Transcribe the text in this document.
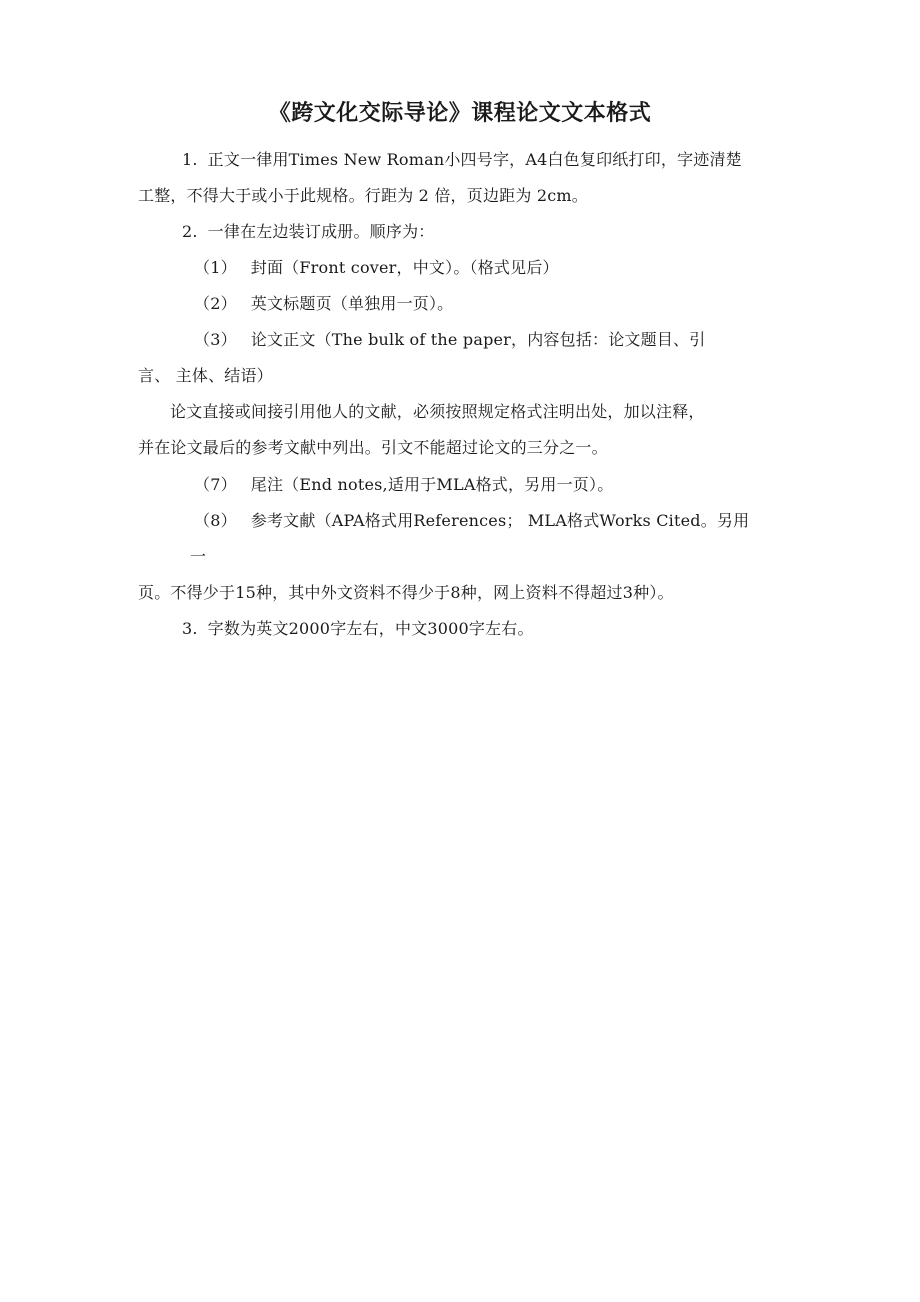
《跨文化交际导论》课程论文文本格式
1. 正文一律用Times New Roman小四号字，A4白色复印纸打印，字迹清楚
工整，不得大于或小于此规格。行距为 2 倍，页边距为 2cm。
2. 一律在左边装订成册。顺序为：
（1） 封面（Front cover，中文）。（格式见后）
（2） 英文标题页（单独用一页）。
（3） 论文正文（The bulk of the paper，内容包括：论文题目、引
言、 主体、结语）
论文直接或间接引用他人的文献，必须按照规定格式注明出处，加以注释，
并在论文最后的参考文献中列出。引文不能超过论文的三分之一。
（7） 尾注（End notes,适用于MLA格式，另用一页）。
（8） 参考文献（APA格式用References； MLA格式Works Cited。另用
一
页。不得少于15种，其中外文资料不得少于8种，网上资料不得超过3种）。
3. 字数为英文2000字左右，中文3000字左右。
